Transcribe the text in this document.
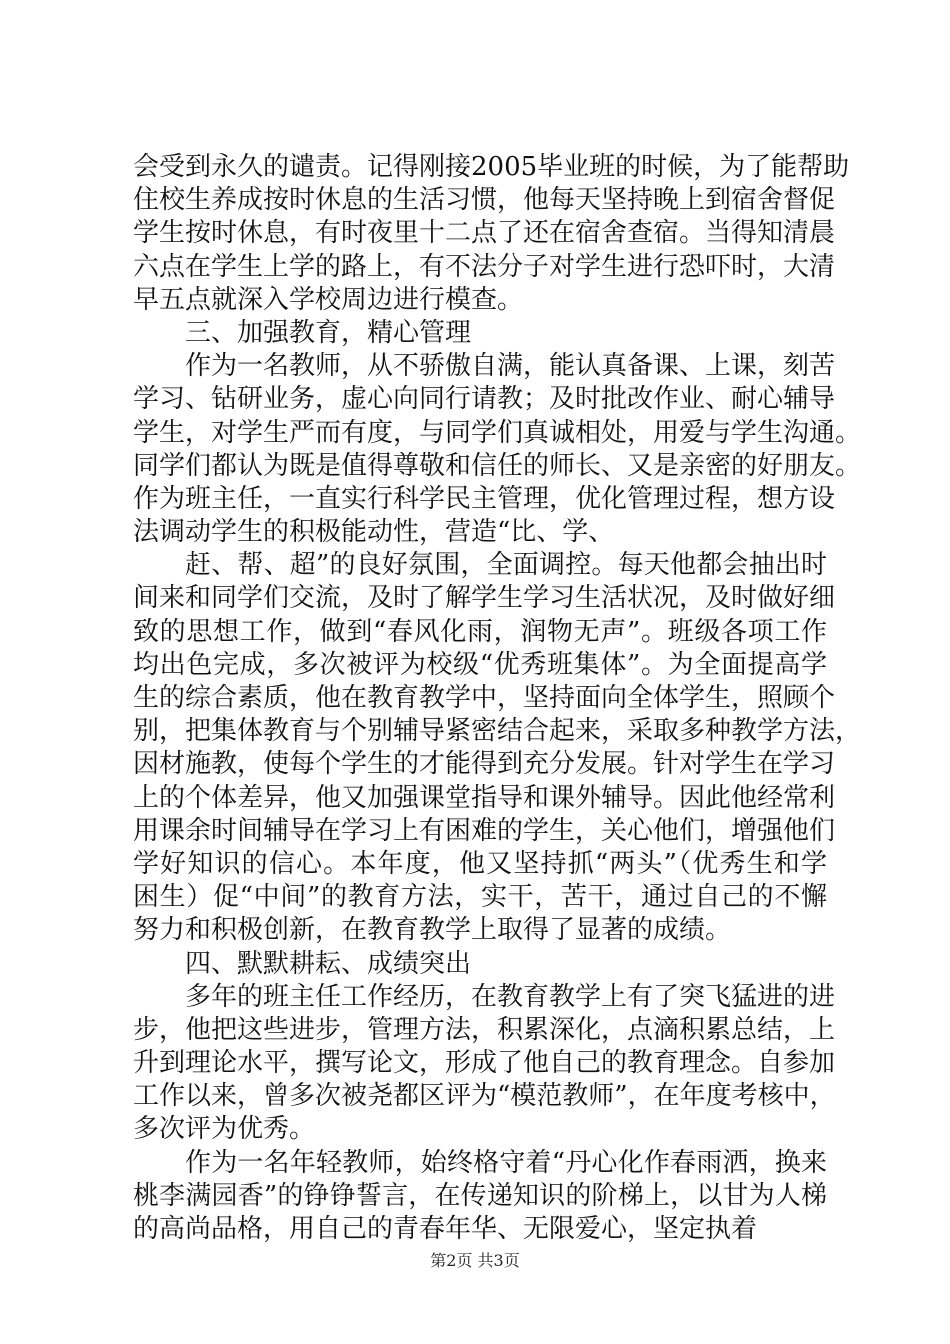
会受到永久的谴责。记得刚接2005毕业班的时候，为了能帮助
住校生养成按时休息的生活习惯，他每天坚持晚上到宿舍督促
学生按时休息，有时夜里十二点了还在宿舍查宿。当得知清晨
六点在学生上学的路上，有不法分子对学生进行恐吓时，大清
早五点就深入学校周边进行模查。
三、加强教育，精心管理
作为一名教师，从不骄傲自满，能认真备课、上课，刻苦
学习、钻研业务，虚心向同行请教；及时批改作业、耐心辅导
学生，对学生严而有度，与同学们真诚相处，用爱与学生沟通。
同学们都认为既是值得尊敬和信任的师长、又是亲密的好朋友。
作为班主任，一直实行科学民主管理，优化管理过程，想方设
法调动学生的积极能动性，营造“比、学、
赶、帮、超”的良好氛围，全面调控。每天他都会抽出时
间来和同学们交流，及时了解学生学习生活状况，及时做好细
致的思想工作，做到“春风化雨，润物无声”。班级各项工作
均出色完成，多次被评为校级“优秀班集体”。为全面提高学
生的综合素质，他在教育教学中，坚持面向全体学生，照顾个
别，把集体教育与个别辅导紧密结合起来，采取多种教学方法，
因材施教，使每个学生的才能得到充分发展。针对学生在学习
上的个体差异，他又加强课堂指导和课外辅导。因此他经常利
用课余时间辅导在学习上有困难的学生，关心他们，增强他们
学好知识的信心。本年度，他又坚持抓“两头”（优秀生和学
困生）促“中间”的教育方法，实干，苦干，通过自己的不懈
努力和积极创新，在教育教学上取得了显著的成绩。
四、默默耕耘、成绩突出
多年的班主任工作经历，在教育教学上有了突飞猛进的进
步，他把这些进步，管理方法，积累深化，点滴积累总结，上
升到理论水平，撰写论文，形成了他自己的教育理念。自参加
工作以来，曾多次被尧都区评为“模范教师”，在年度考核中，
多次评为优秀。
作为一名年轻教师，始终格守着“丹心化作春雨洒，换来
桃李满园香”的铮铮誓言，在传递知识的阶梯上，以甘为人梯
的高尚品格，用自己的青春年华、无限爱心，坚定执着
第2页 共3页
